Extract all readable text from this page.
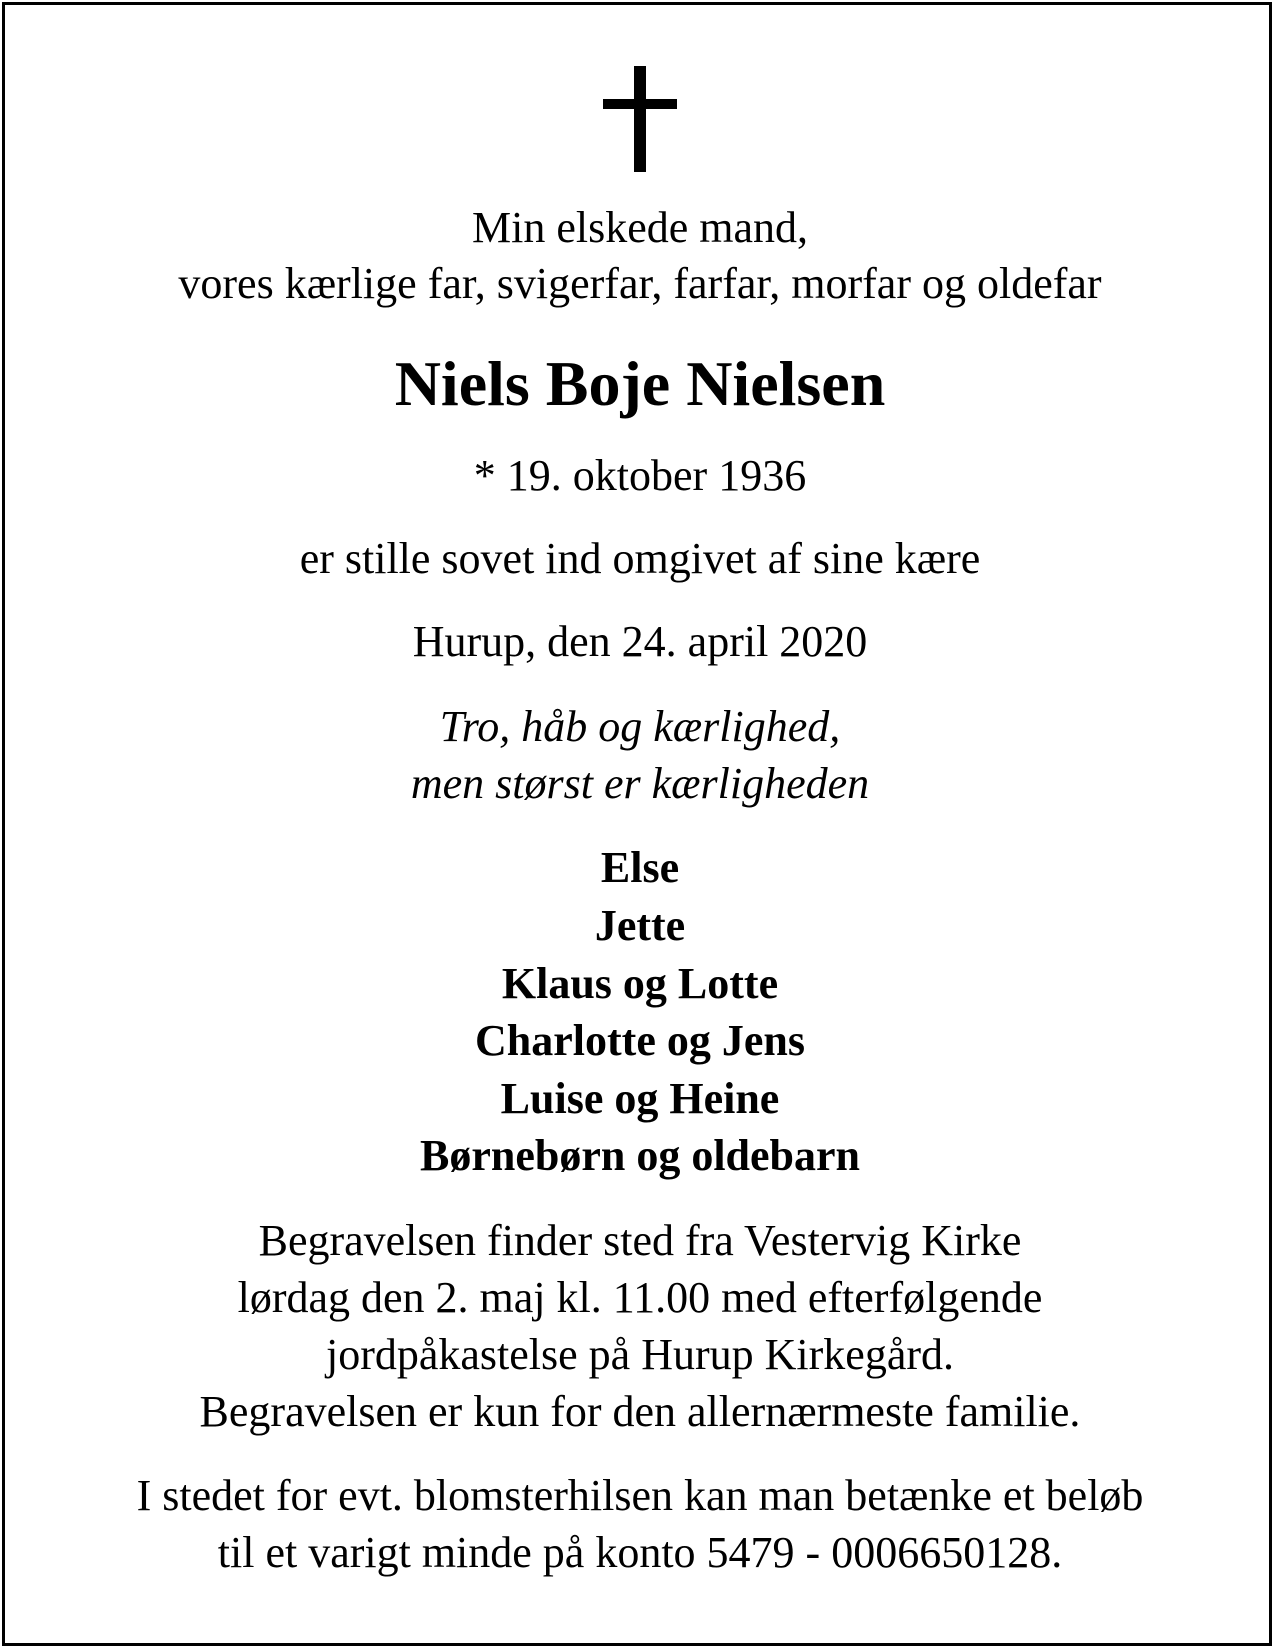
Min elskede mand,
vores kærlige far, svigerfar, farfar, morfar og oldefar
Niels Boje Nielsen
* 19. oktober 1936
er stille sovet ind omgivet af sine kære
Hurup, den 24. april 2020
Tro, håb og kærlighed,
men størst er kærligheden
Else
Jette
Klaus og Lotte
Charlotte og Jens
Luise og Heine
Børnebørn og oldebarn
Begravelsen finder sted fra Vestervig Kirke
lørdag den 2. maj kl. 11.00 med efterfølgende
jordpåkastelse på Hurup Kirkegård.
Begravelsen er kun for den allernærmeste familie.
I stedet for evt. blomsterhilsen kan man betænke et beløb
til et varigt minde på konto 5479 - 0006650128.
